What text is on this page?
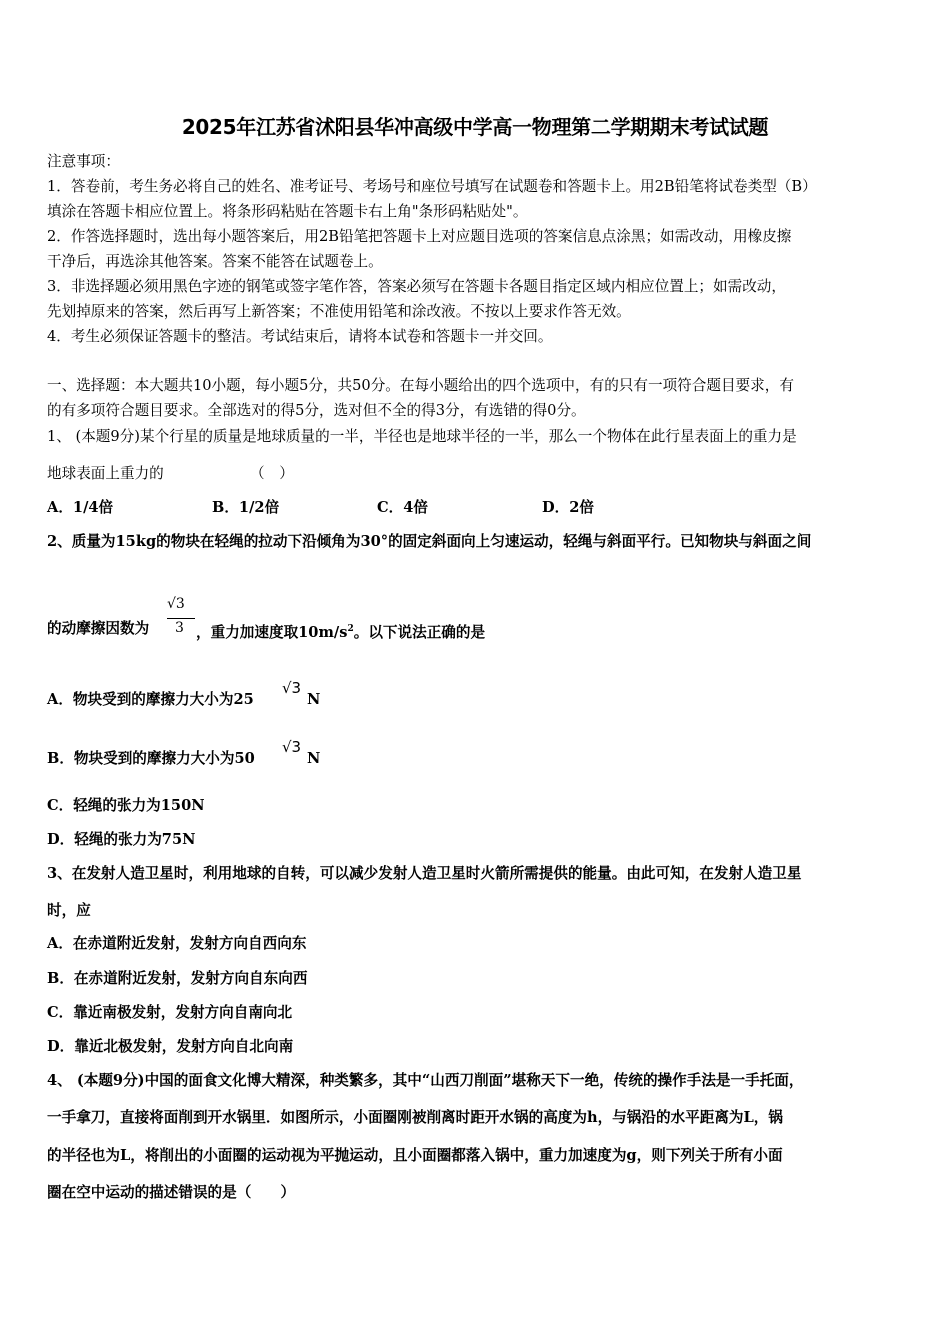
2025年江苏省沭阳县华冲高级中学高一物理第二学期期末考试试题
注意事项：
1．答卷前，考生务必将自己的姓名、准考证号、考场号和座位号填写在试题卷和答题卡上。用2B铅笔将试卷类型（B）
填涂在答题卡相应位置上。将条形码粘贴在答题卡右上角"条形码粘贴处"。
2．作答选择题时，选出每小题答案后，用2B铅笔把答题卡上对应题目选项的答案信息点涂黑；如需改动，用橡皮擦
干净后，再选涂其他答案。答案不能答在试题卷上。
3．非选择题必须用黑色字迹的钢笔或签字笔作答，答案必须写在答题卡各题目指定区域内相应位置上；如需改动，
先划掉原来的答案，然后再写上新答案；不准使用铅笔和涂改液。不按以上要求作答无效。
4．考生必须保证答题卡的整洁。考试结束后，请将本试卷和答题卡一并交回。
一、选择题：本大题共10小题，每小题5分，共50分。在每小题给出的四个选项中，有的只有一项符合题目要求，有
的有多项符合题目要求。全部选对的得5分，选对但不全的得3分，有选错的得0分。
1、 (本题9分)某个行星的质量是地球质量的一半，半径也是地球半径的一半，那么一个物体在此行星表面上的重力是
地球表面上重力的	（　）
A．1/4倍	B．1/2倍	C．4倍	D．2倍
2、质量为15kg的物块在轻绳的拉动下沿倾角为30°的固定斜面向上匀速运动，轻绳与斜面平行。已知物块与斜面之间
的动摩擦因数为
√3
3 ，重力加速度取$10m/s^2$。以下说法正确的是
A．物块受到的摩擦力大小为25
√3
N
B．物块受到的摩擦力大小为50
√3
N
C．轻绳的张力为150N
D．轻绳的张力为75N
3、在发射人造卫星时，利用地球的自转，可以减少发射人造卫星时火箭所需提供的能量。由此可知，在发射人造卫星
时，应
A．在赤道附近发射，发射方向自西向东
B．在赤道附近发射，发射方向自东向西
C．靠近南极发射，发射方向自南向北
D．靠近北极发射，发射方向自北向南
4、 (本题9分)中国的面食文化博大精深，种类繁多，其中“山西刀削面”堪称天下一绝，传统的操作手法是一手托面，
一手拿刀，直接将面削到开水锅里．如图所示，小面圈刚被削离时距开水锅的高度为h，与锅沿的水平距离为L，锅
的半径也为L，将削出的小面圈的运动视为平抛运动，且小面圈都落入锅中，重力加速度为g，则下列关于所有小面
圈在空中运动的描述错误的是（　　）
